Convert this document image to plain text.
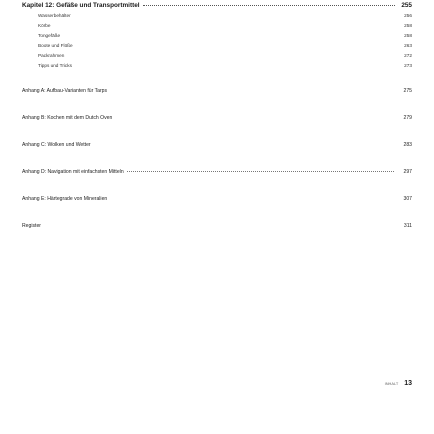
Kapitel 12: Gefäße und Transportmittel	255
Wasserbehälter	256
Körbe	258
Tongefäße	258
Boote und Flöße	263
Packrahmen	272
Tipps und Tricks	273
Anhang A: Aufbau-Varianten für Tarps	275
Anhang B: Kochen mit dem Dutch Oven	279
Anhang C: Wolken und Wetter	283
Anhang D: Navigation mit einfachsten Mitteln	297
Anhang E: Härtegrade von Mineralien	307
Register	311
INHALT 13
